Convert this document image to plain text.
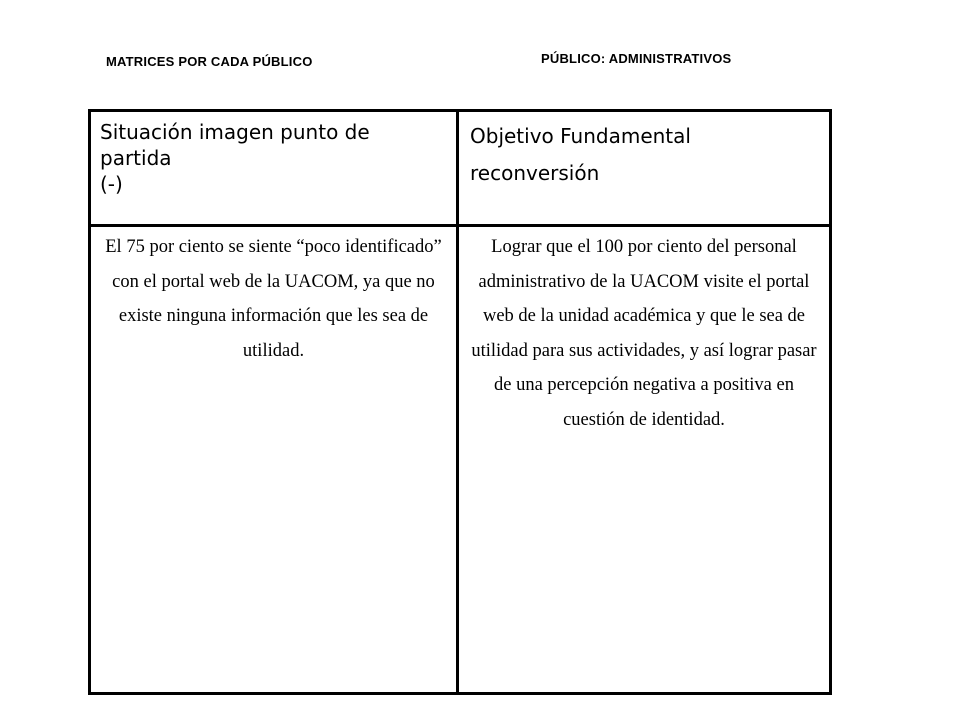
MATRICES POR CADA PÚBLICO	PÚBLICO: ADMINISTRATIVOS
Situación imagen punto de
partida
(-)	Objetivo Fundamental
reconversión

El 75 por ciento se siente “poco identificado” con el portal web de la UACOM, ya que no existe ninguna información que les sea de utilidad.	Lograr que el 100 por ciento del personal administrativo de la UACOM visite el portal web de la unidad académica y que le sea de utilidad para sus actividades, y así lograr pasar de una percepción negativa a positiva en cuestión de identidad.
